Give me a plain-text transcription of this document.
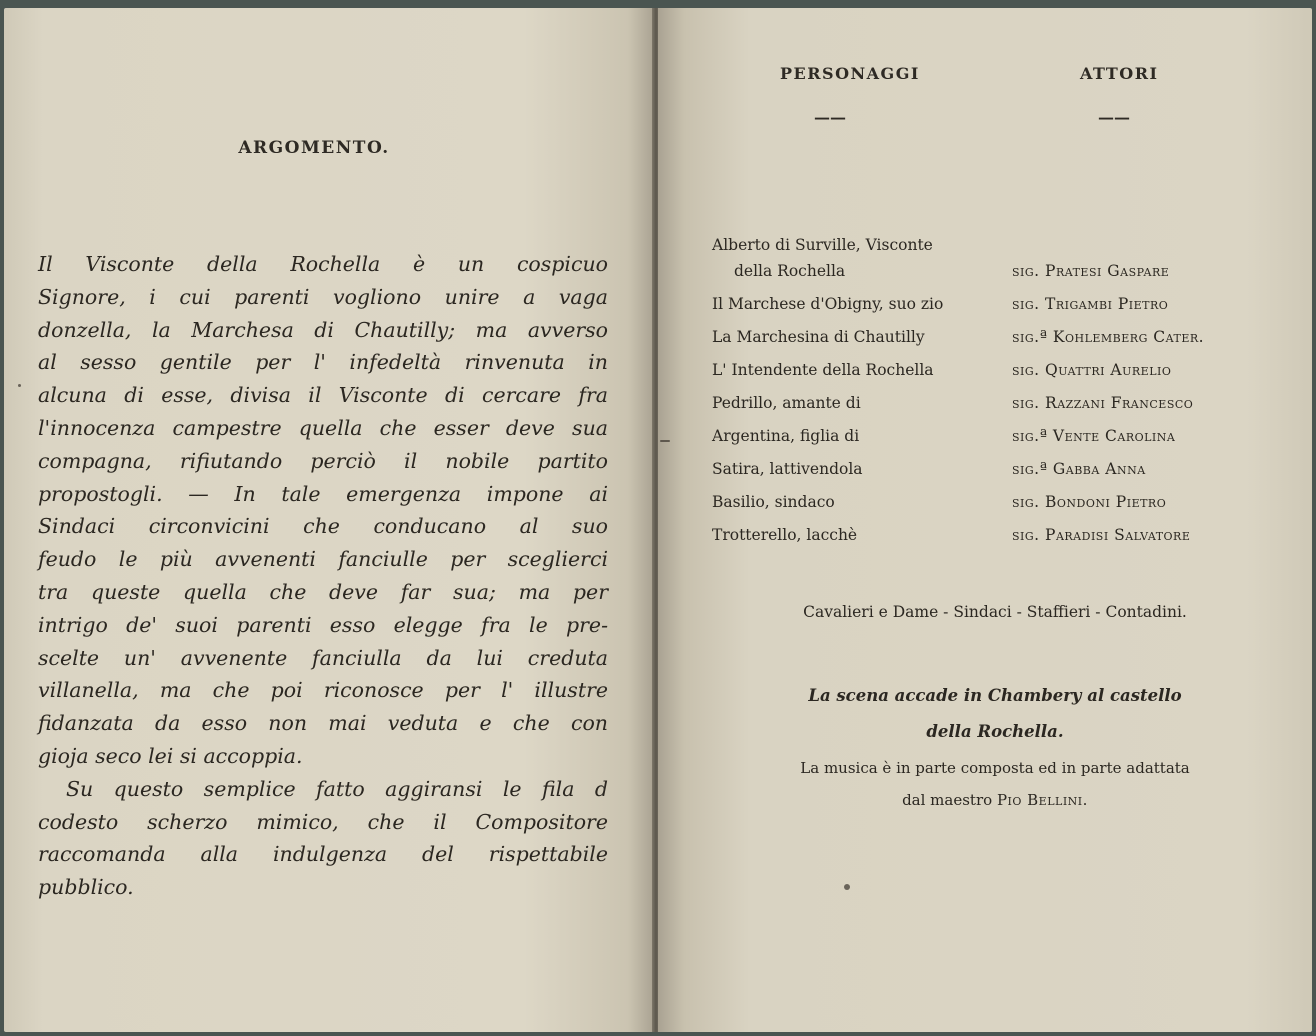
ARGOMENTO.
Il Visconte della Rochella è un cospicuo
Signore, i cui parenti vogliono unire a vaga
donzella, la Marchesa di Chautilly; ma avverso
al sesso gentile per l' infedeltà rinvenuta in
alcuna di esse, divisa il Visconte di cercare fra
l'innocenza campestre quella che esser deve sua
compagna, rifiutando perciò il nobile partito
propostogli. — In tale emergenza impone ai
Sindaci circonvicini che conducano al suo
feudo le più avvenenti fanciulle per sceglierci
tra queste quella che deve far sua; ma per
intrigo de' suoi parenti esso elegge fra le pre-
scelte un' avvenente fanciulla da lui creduta
villanella, ma che poi riconosce per l' illustre
fidanzata da esso non mai veduta e che con
gioja seco lei si accoppia.
Su questo semplice fatto aggiransi le fila d
codesto scherzo mimico, che il Compositore
raccomanda alla indulgenza del rispettabile
pubblico.
PERSONAGGI	ATTORI
——	——
Alberto di Surville, Visconte
della Rochella	sig. Pratesi Gaspare
Il Marchese d'Obigny, suo zio	sig. Trigambi Pietro
La Marchesina di Chautilly	sig.ª Kohlemberg Cater.
L' Intendente della Rochella	sig. Quattri Aurelio
Pedrillo, amante di	sig. Razzani Francesco
Argentina, figlia di	sig.ª Vente Carolina
Satira, lattivendola	sig.ª Gabba Anna
Basilio, sindaco	sig. Bondoni Pietro
Trotterello, lacchè	sig. Paradisi Salvatore
Cavalieri e Dame - Sindaci - Staffieri - Contadini.
La scena accade in Chambery al castello
della Rochella.
La musica è in parte composta ed in parte adattata
dal maestro Pio Bellini.
